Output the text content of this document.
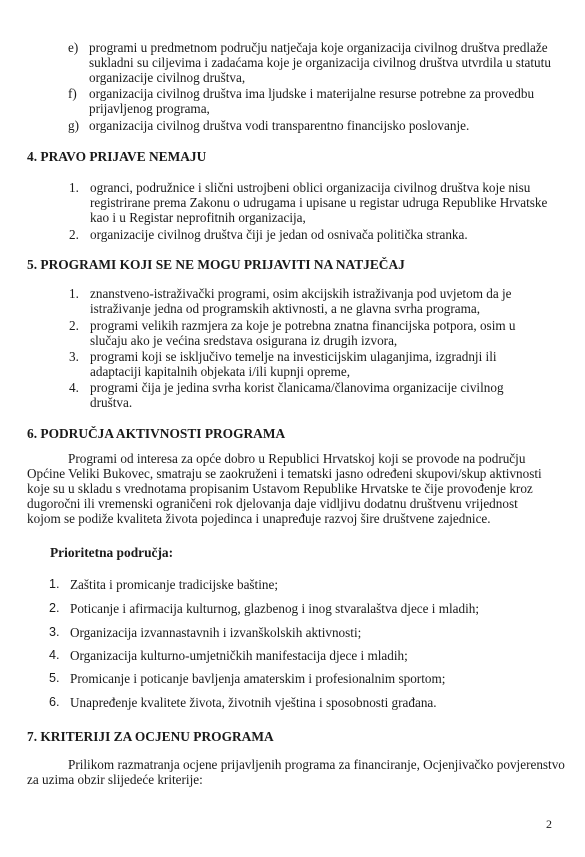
e) programi u predmetnom području natječaja koje organizacija civilnog društva predlaže
sukladni su ciljevima i zadaćama koje je organizacija civilnog društva utvrdila u statutu
organizacije civilnog društva,
f) organizacija civilnog društva ima ljudske i materijalne resurse potrebne za provedbu
prijavljenog programa,
g) organizacija civilnog društva vodi transparentno financijsko poslovanje.
4. PRAVO PRIJAVE NEMAJU
1. ogranci, podružnice i slični ustrojbeni oblici organizacija civilnog društva koje nisu
registrirane prema Zakonu o udrugama i upisane u registar udruga Republike Hrvatske
kao i u Registar neprofitnih organizacija,
2. organizacije civilnog društva čiji je jedan od osnivača politička stranka.
5. PROGRAMI KOJI SE NE MOGU PRIJAVITI NA NATJEČAJ
1. znanstveno-istraživački programi, osim akcijskih istraživanja pod uvjetom da je
istraživanje jedna od programskih aktivnosti, a ne glavna svrha programa,
2. programi velikih razmjera za koje je potrebna znatna financijska potpora, osim u
slučaju ako je većina sredstava osigurana iz drugih izvora,
3. programi koji se isključivo temelje na investicijskim ulaganjima, izgradnji ili
adaptaciji kapitalnih objekata i/ili kupnji opreme,
4. programi čija je jedina svrha korist članicama/članovima organizacije civilnog
društva.
6. PODRUČJA AKTIVNOSTI PROGRAMA
Programi od interesa za opće dobro u Republici Hrvatskoj koji se provode na području
Općine Veliki Bukovec, smatraju se zaokruženi i tematski jasno određeni skupovi/skup aktivnosti
koje su u skladu s vrednotama propisanim Ustavom Republike Hrvatske te čije provođenje kroz
dugoročni ili vremenski ograničeni rok djelovanja daje vidljivu dodatnu društvenu vrijednost
kojom se podiže kvaliteta života pojedinca i unapređuje razvoj šire društvene zajednice.
Prioritetna područja:
1. Zaštita i promicanje tradicijske baštine;
2. Poticanje i afirmacija kulturnog, glazbenog i inog stvaralaštva djece i mladih;
3. Organizacija izvannastavnih i izvanškolskih aktivnosti;
4. Organizacija kulturno-umjetničkih manifestacija djece i mladih;
5. Promicanje i poticanje bavljenja amaterskim i profesionalnim sportom;
6. Unapređenje kvalitete života, životnih vještina i sposobnosti građana.
7. KRITERIJI ZA OCJENU PROGRAMA
Prilikom razmatranja ocjene prijavljenih programa za financiranje, Ocjenjivačko povjerenstvo
za uzima obzir slijedeće kriterije:
2
